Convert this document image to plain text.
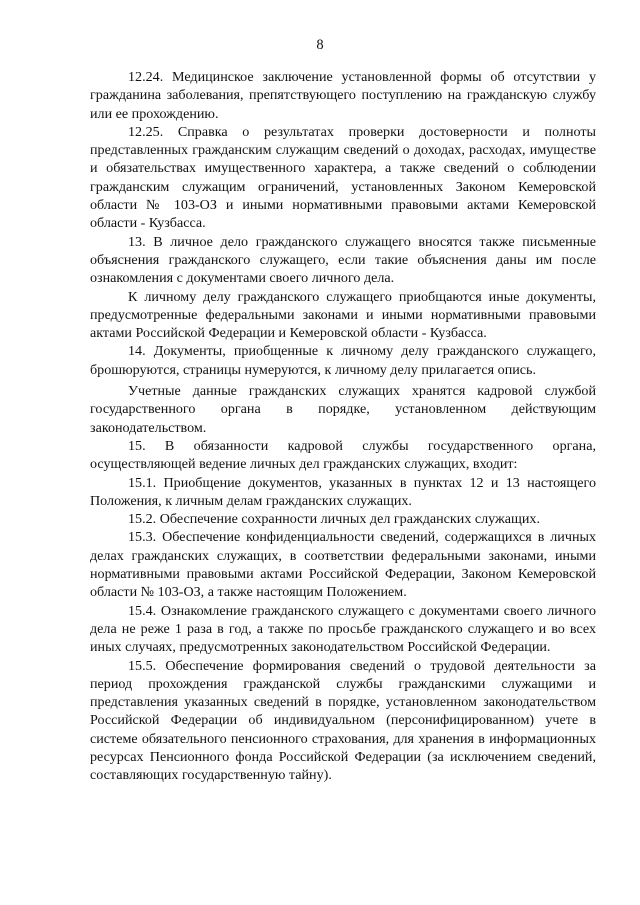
8

12.24. Медицинское заключение установленной формы об отсутствии у гражданина заболевания, препятствующего поступлению на гражданскую службу или ее прохождению.

12.25. Справка о результатах проверки достоверности и полноты представленных гражданским служащим сведений о доходах, расходах, имуществе и обязательствах имущественного характера, а также сведений о соблюдении гражданским служащим ограничений, установленных Законом Кемеровской области № 103-ОЗ и иными нормативными правовыми актами Кемеровской области - Кузбасса.

13. В личное дело гражданского служащего вносятся также письменные объяснения гражданского служащего, если такие объяснения даны им после ознакомления с документами своего личного дела.

К личному делу гражданского служащего приобщаются иные документы, предусмотренные федеральными законами и иными нормативными правовыми актами Российской Федерации и Кемеровской области - Кузбасса.

14. Документы, приобщенные к личному делу гражданского служащего, брошюруются, страницы нумеруются, к личному делу прилагается опись.

Учетные данные гражданских служащих хранятся кадровой службой государственного органа в порядке, установленном действующим законодательством.

15. В обязанности кадровой службы государственного органа, осуществляющей ведение личных дел гражданских служащих, входит:

15.1. Приобщение документов, указанных в пунктах 12 и 13 настоящего Положения, к личным делам гражданских служащих.

15.2. Обеспечение сохранности личных дел гражданских служащих.

15.3. Обеспечение конфиденциальности сведений, содержащихся в личных делах гражданских служащих, в соответствии федеральными законами, иными нормативными правовыми актами Российской Федерации, Законом Кемеровской области № 103-ОЗ, а также настоящим Положением.

15.4. Ознакомление гражданского служащего с документами своего личного дела не реже 1 раза в год, а также по просьбе гражданского служащего и во всех иных случаях, предусмотренных законодательством Российской Федерации.

15.5. Обеспечение формирования сведений о трудовой деятельности за период прохождения гражданской службы гражданскими служащими и представления указанных сведений в порядке, установленном законодательством Российской Федерации об индивидуальном (персонифицированном) учете в системе обязательного пенсионного страхования, для хранения в информационных ресурсах Пенсионного фонда Российской Федерации (за исключением сведений, составляющих государственную тайну).
